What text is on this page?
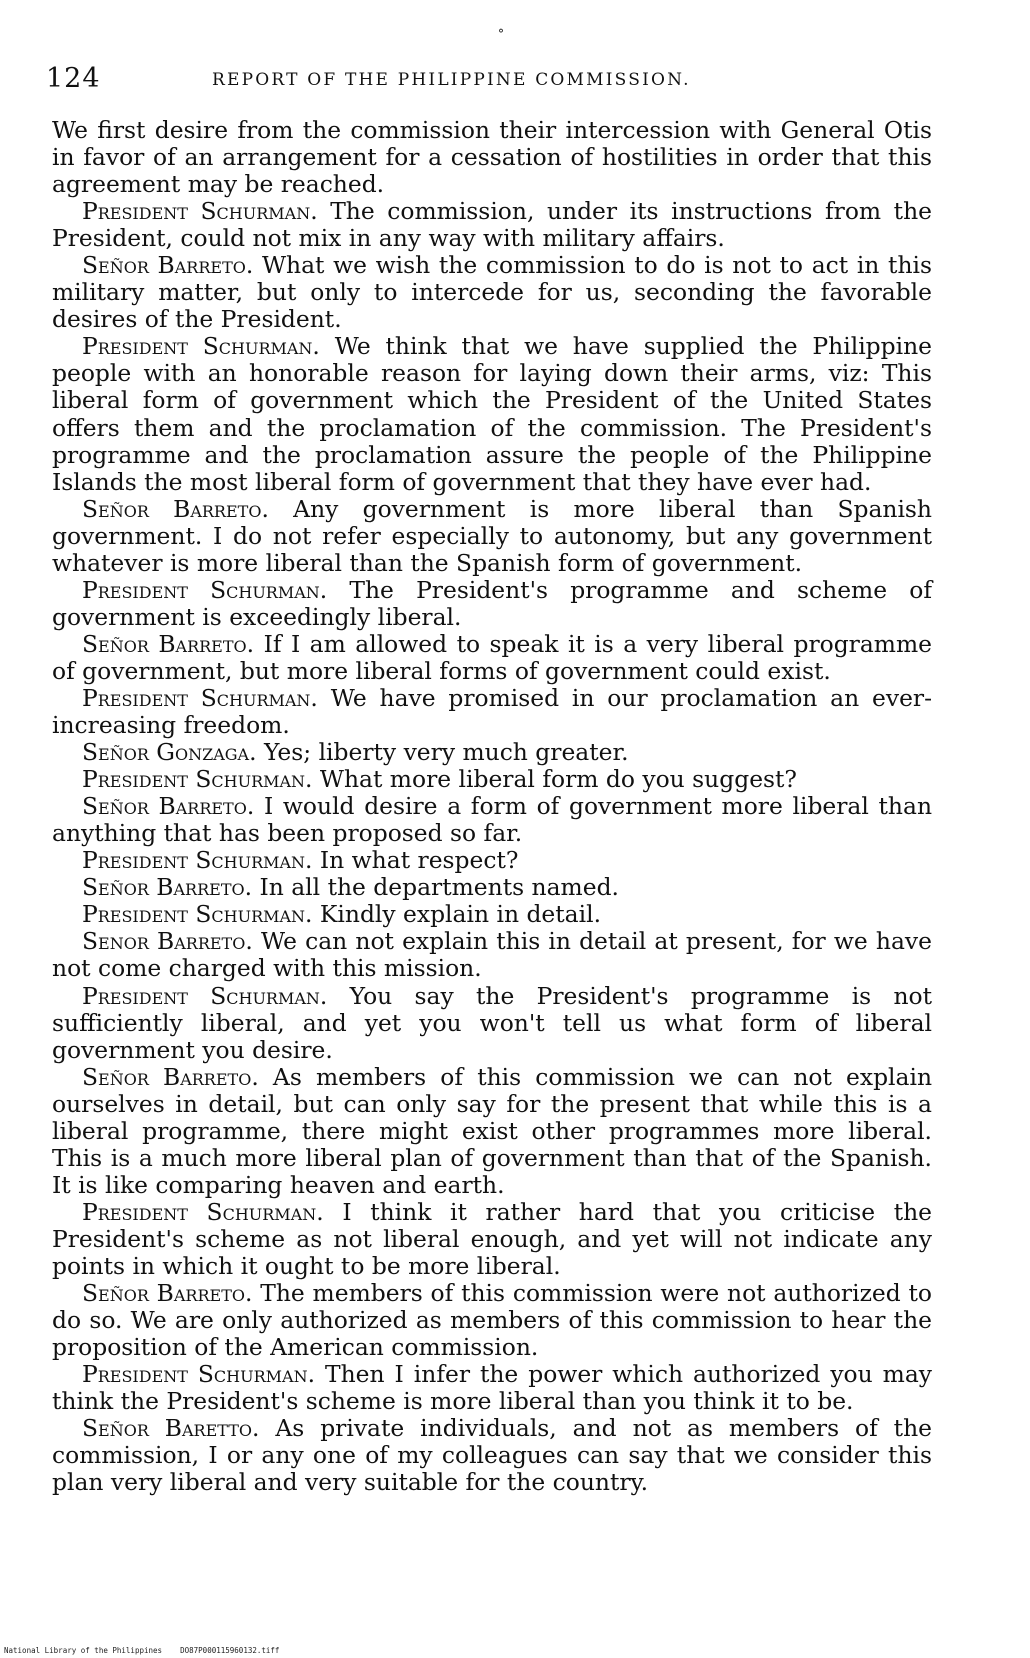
°
124	REPORT OF THE PHILIPPINE COMMISSION.

We first desire from the commission their intercession with General Otis in favor of an arrangement for a cessation of hostilities in order that this agreement may be reached.

President Schurman. The commission, under its instructions from the President, could not mix in any way with military affairs.

Señor Barreto. What we wish the commission to do is not to act in this military matter, but only to intercede for us, seconding the favorable desires of the President.

President Schurman. We think that we have supplied the Philippine people with an honorable reason for laying down their arms, viz: This liberal form of government which the President of the United States offers them and the proclamation of the commission. The President's programme and the proclamation assure the people of the Philippine Islands the most liberal form of government that they have ever had.

Señor Barreto. Any government is more liberal than Spanish government. I do not refer especially to autonomy, but any government whatever is more liberal than the Spanish form of government.

President Schurman. The President's programme and scheme of government is exceedingly liberal.

Señor Barreto. If I am allowed to speak it is a very liberal programme of government, but more liberal forms of government could exist.

President Schurman. We have promised in our proclamation an ever-increasing freedom.

Señor Gonzaga. Yes; liberty very much greater.

President Schurman. What more liberal form do you suggest?

Señor Barreto. I would desire a form of government more liberal than anything that has been proposed so far.

President Schurman. In what respect?

Señor Barreto. In all the departments named.

President Schurman. Kindly explain in detail.

Senor Barreto. We can not explain this in detail at present, for we have not come charged with this mission.

President Schurman. You say the President's programme is not sufficiently liberal, and yet you won't tell us what form of liberal government you desire.

Señor Barreto. As members of this commission we can not explain ourselves in detail, but can only say for the present that while this is a liberal programme, there might exist other programmes more liberal. This is a much more liberal plan of government than that of the Spanish. It is like comparing heaven and earth.

President Schurman. I think it rather hard that you criticise the President's scheme as not liberal enough, and yet will not indicate any points in which it ought to be more liberal.

Señor Barreto. The members of this commission were not authorized to do so. We are only authorized as members of this commission to hear the proposition of the American commission.

President Schurman. Then I infer the power which authorized you may think the President's scheme is more liberal than you think it to be.

Señor Baretto. As private individuals, and not as members of the commission, I or any one of my colleagues can say that we consider this plan very liberal and very suitable for the country.

National Library of the Philippines DO87P000115960132.tiff
